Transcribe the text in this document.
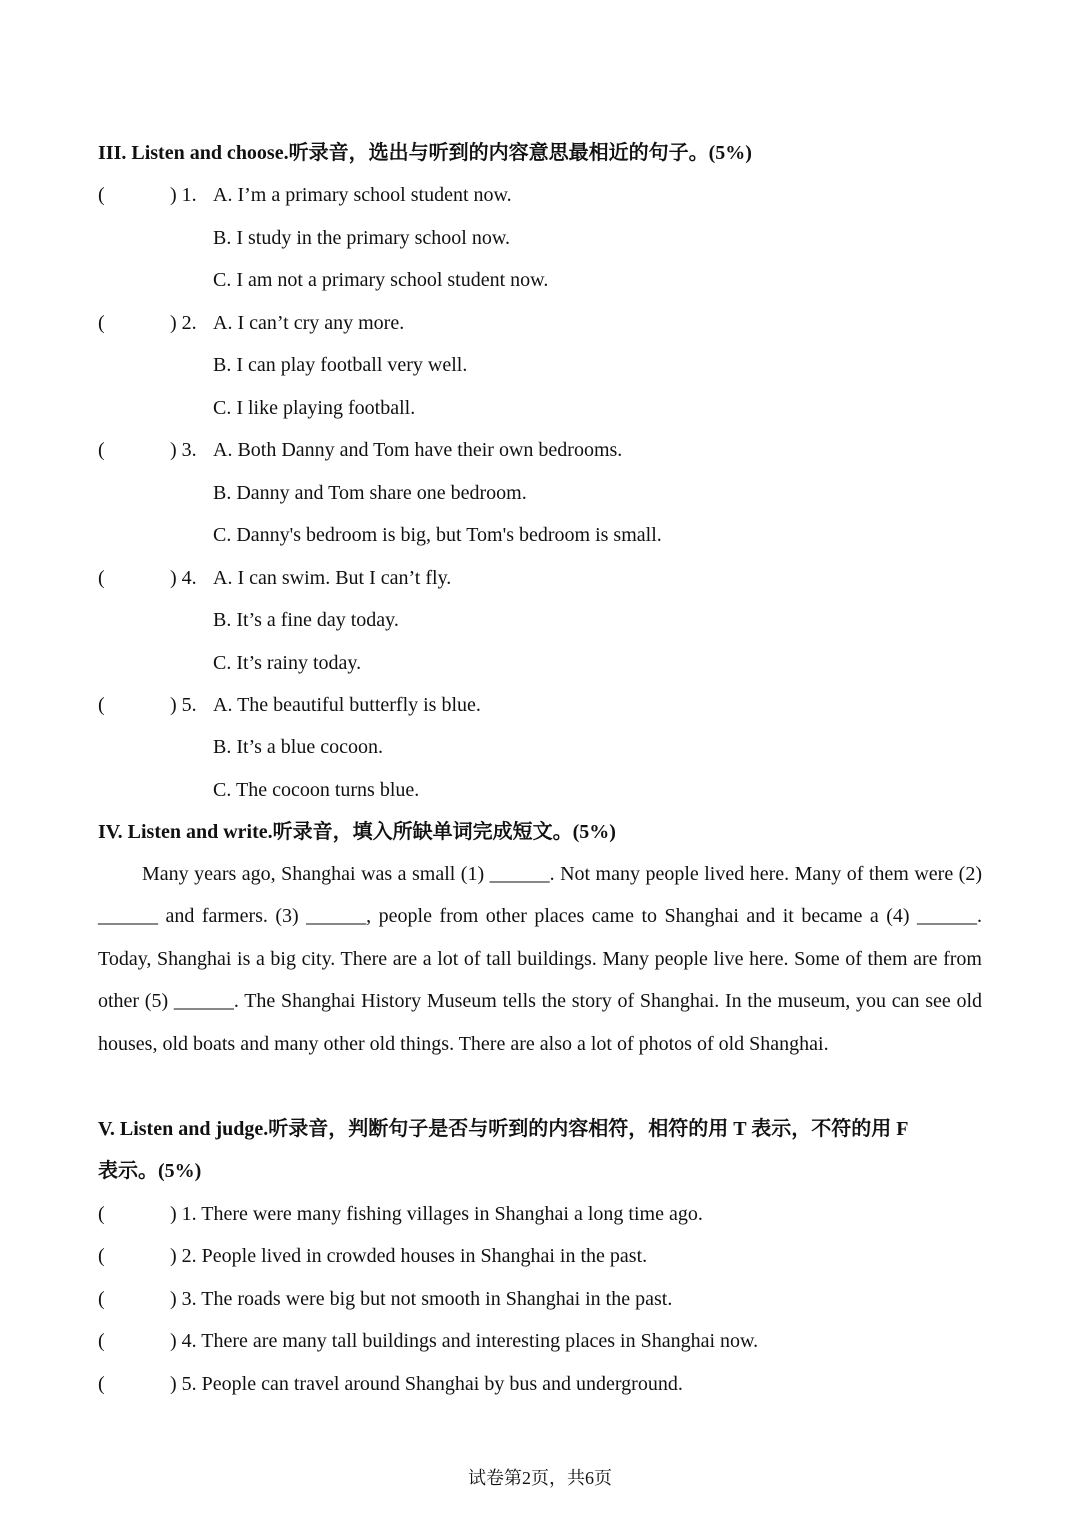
III. Listen and choose.听录音，选出与听到的内容意思最相近的句子。(5%)
(	) 1. A. I’m a primary school student now.
B. I study in the primary school now.
C. I am not a primary school student now.
(	) 2. A. I can’t cry any more.
B. I can play football very well.
C. I like playing football.
(	) 3. A. Both Danny and Tom have their own bedrooms.
B. Danny and Tom share one bedroom.
C. Danny's bedroom is big, but Tom's bedroom is small.
(	) 4. A. I can swim. But I can’t fly.
B. It’s a fine day today.
C. It’s rainy today.
(	) 5. A. The beautiful butterfly is blue.
B. It’s a blue cocoon.
C. The cocoon turns blue.
IV. Listen and write.听录音，填入所缺单词完成短文。(5%)
Many years ago, Shanghai was a small (1) ______. Not many people lived here. Many of them were (2) ______ and farmers. (3) ______, people from other places came to Shanghai and it became a (4) ______. Today, Shanghai is a big city. There are a lot of tall buildings. Many people live here. Some of them are from other (5) ______. The Shanghai History Museum tells the story of Shanghai. In the museum, you can see old houses, old boats and many other old things. There are also a lot of photos of old Shanghai.
V. Listen and judge.听录音，判断句子是否与听到的内容相符，相符的用 T 表示，不符的用 F
表示。(5%)
(	) 1. There were many fishing villages in Shanghai a long time ago.
(	) 2. People lived in crowded houses in Shanghai in the past.
(	) 3. The roads were big but not smooth in Shanghai in the past.
(	) 4. There are many tall buildings and interesting places in Shanghai now.
(	) 5. People can travel around Shanghai by bus and underground.
试卷第2页，共6页
